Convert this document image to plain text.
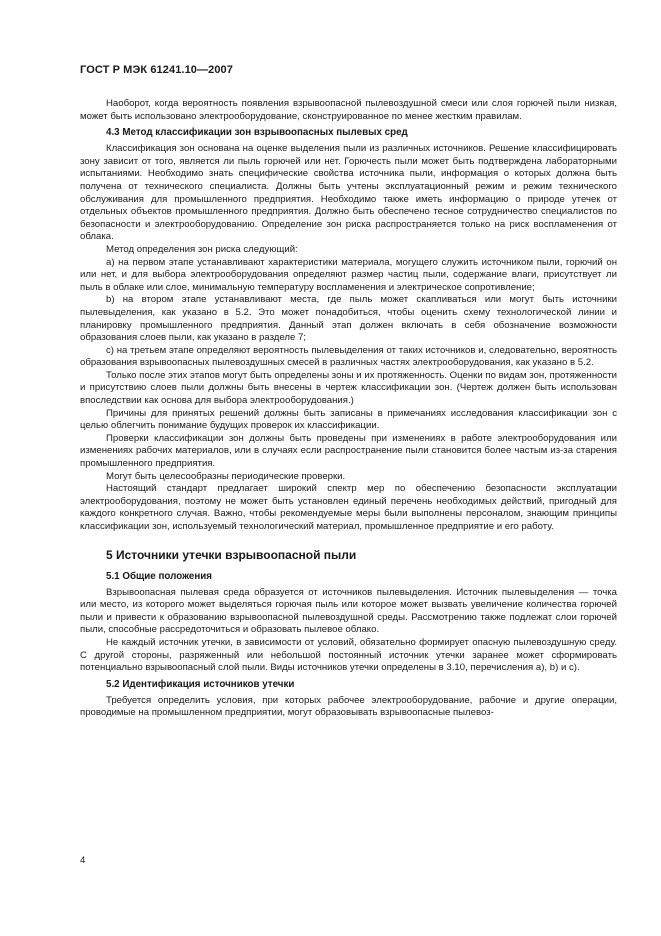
ГОСТ Р МЭК 61241.10—2007

Наоборот, когда вероятность появления взрывоопасной пылевоздушной смеси или слоя горючей пыли низкая, может быть использовано электрооборудование, сконструированное по менее жестким правилам.

4.3 Метод классификации зон взрывоопасных пылевых сред

Классификация зон основана на оценке выделения пыли из различных источников. Решение классифицировать зону зависит от того, является ли пыль горючей или нет. Горючесть пыли может быть подтверждена лабораторными испытаниями. Необходимо знать специфические свойства источника пыли, информация о которых должна быть получена от технического специалиста. Должны быть учтены эксплуатационный режим и режим технического обслуживания для промышленного предприятия. Необходимо также иметь информацию о природе утечек от отдельных объектов промышленного предприятия. Должно быть обеспечено тесное сотрудничество специалистов по безопасности и электрооборудованию. Определение зон риска распространяется только на риск воспламенения от облака.

Метод определения зон риска следующий:

a) на первом этапе устанавливают характеристики материала, могущего служить источником пыли, горючий он или нет, и для выбора электрооборудования определяют размер частиц пыли, содержание влаги, присутствует ли пыль в облаке или слое, минимальную температуру воспламенения и электрическое сопротивление;

b) на втором этапе устанавливают места, где пыль может скапливаться или могут быть источники пылевыделения, как указано в 5.2. Это может понадобиться, чтобы оценить схему технологической линии и планировку промышленного предприятия. Данный этап должен включать в себя обозначение возможности образования слоев пыли, как указано в разделе 7;

c) на третьем этапе определяют вероятность пылевыделения от таких источников и, следовательно, вероятность образования взрывоопасных пылевоздушных смесей в различных частях электрооборудования, как указано в 5.2.

Только после этих этапов могут быть определены зоны и их протяженность. Оценки по видам зон, протяженности и присутствию слоев пыли должны быть внесены в чертеж классификации зон. (Чертеж должен быть использован впоследствии как основа для выбора электрооборудования.)

Причины для принятых решений должны быть записаны в примечаниях исследования классификации зон с целью облегчить понимание будущих проверок их классификации.

Проверки классификации зон должны быть проведены при изменениях в работе электрооборудования или изменениях рабочих материалов, или в случаях если распространение пыли становится более частым из-за старения промышленного предприятия.

Могут быть целесообразны периодические проверки.

Настоящий стандарт предлагает широкий спектр мер по обеспечению безопасности эксплуатации электрооборудования, поэтому не может быть установлен единый перечень необходимых действий, пригодный для каждого конкретного случая. Важно, чтобы рекомендуемые меры были выполнены персоналом, знающим принципы классификации зон, используемый технологический материал, промышленное предприятие и его работу.

5 Источники утечки взрывоопасной пыли
5.1 Общие положения

Взрывоопасная пылевая среда образуется от источников пылевыделения. Источник пылевыделения — точка или место, из которого может выделяться горючая пыль или которое может вызвать увеличение количества горючей пыли и привести к образованию взрывоопасной пылевоздушной среды. Рассмотрению также подлежат слои горючей пыли, способные рассредоточиться и образовать пылевое облако.

Не каждый источник утечки, в зависимости от условий, обязательно формирует опасную пылевоздушную среду. С другой стороны, разряженный или небольшой постоянный источник утечки заранее может сформировать потенциально взрывоопасный слой пыли. Виды источников утечки определены в 3.10, перечисления a), b) и c).

5.2 Идентификация источников утечки

Требуется определить условия, при которых рабочее электрооборудование, рабочие и другие операции, проводимые на промышленном предприятии, могут образовывать взрывоопасные пылевоз-

4
